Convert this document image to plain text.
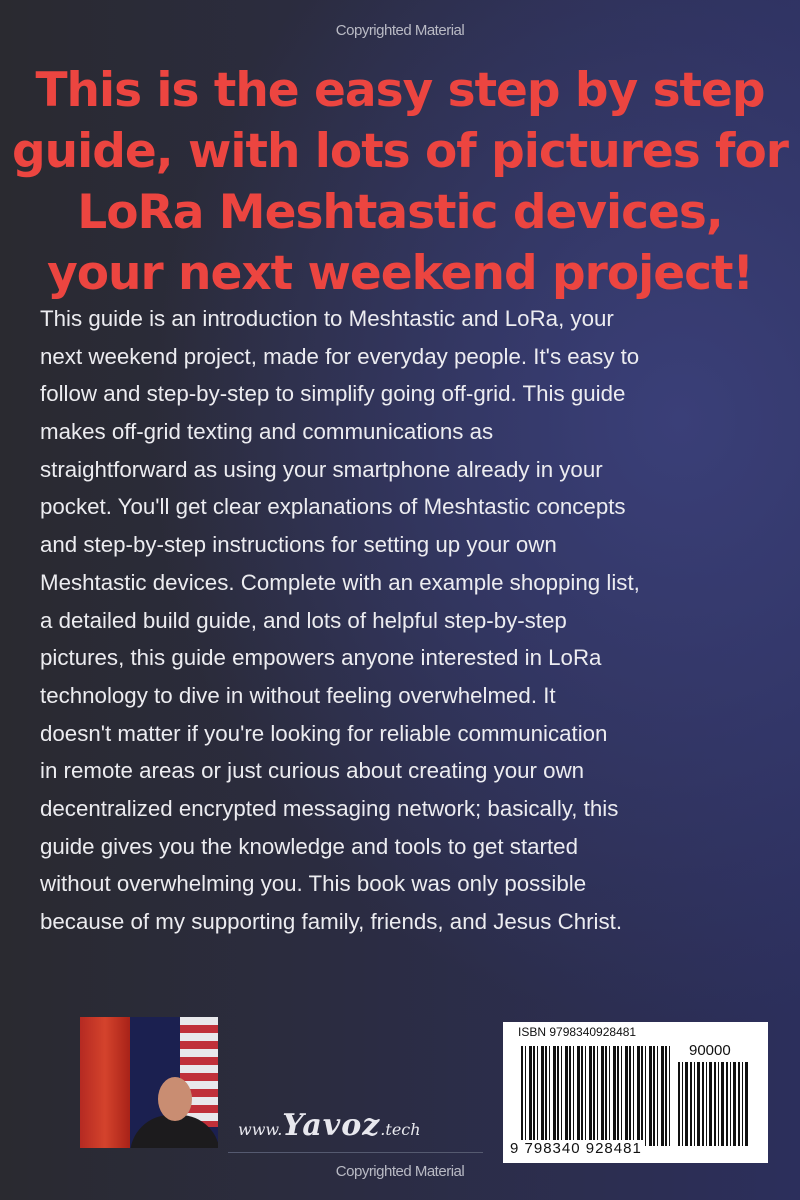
Copyrighted Material
This is the easy step by step
guide, with lots of pictures for
LoRa Meshtastic devices,
your next weekend project!
This guide is an introduction to Meshtastic and LoRa, your
next weekend project, made for everyday people. It's easy to
follow and step-by-step to simplify going off-grid. This guide
makes off-grid texting and communications as
straightforward as using your smartphone already in your
pocket. You'll get clear explanations of Meshtastic concepts
and step-by-step instructions for setting up your own
Meshtastic devices. Complete with an example shopping list,
a detailed build guide, and lots of helpful step-by-step
pictures, this guide empowers anyone interested in LoRa
technology to dive in without feeling overwhelmed. It
doesn't matter if you're looking for reliable communication
in remote areas or just curious about creating your own
decentralized encrypted messaging network; basically, this
guide gives you the knowledge and tools to get started
without overwhelming you. This book was only possible
because of my supporting family, friends, and Jesus Christ.
www.Yavoz.tech
ISBN 9798340928481
90000
9 798340 928481
Copyrighted Material
